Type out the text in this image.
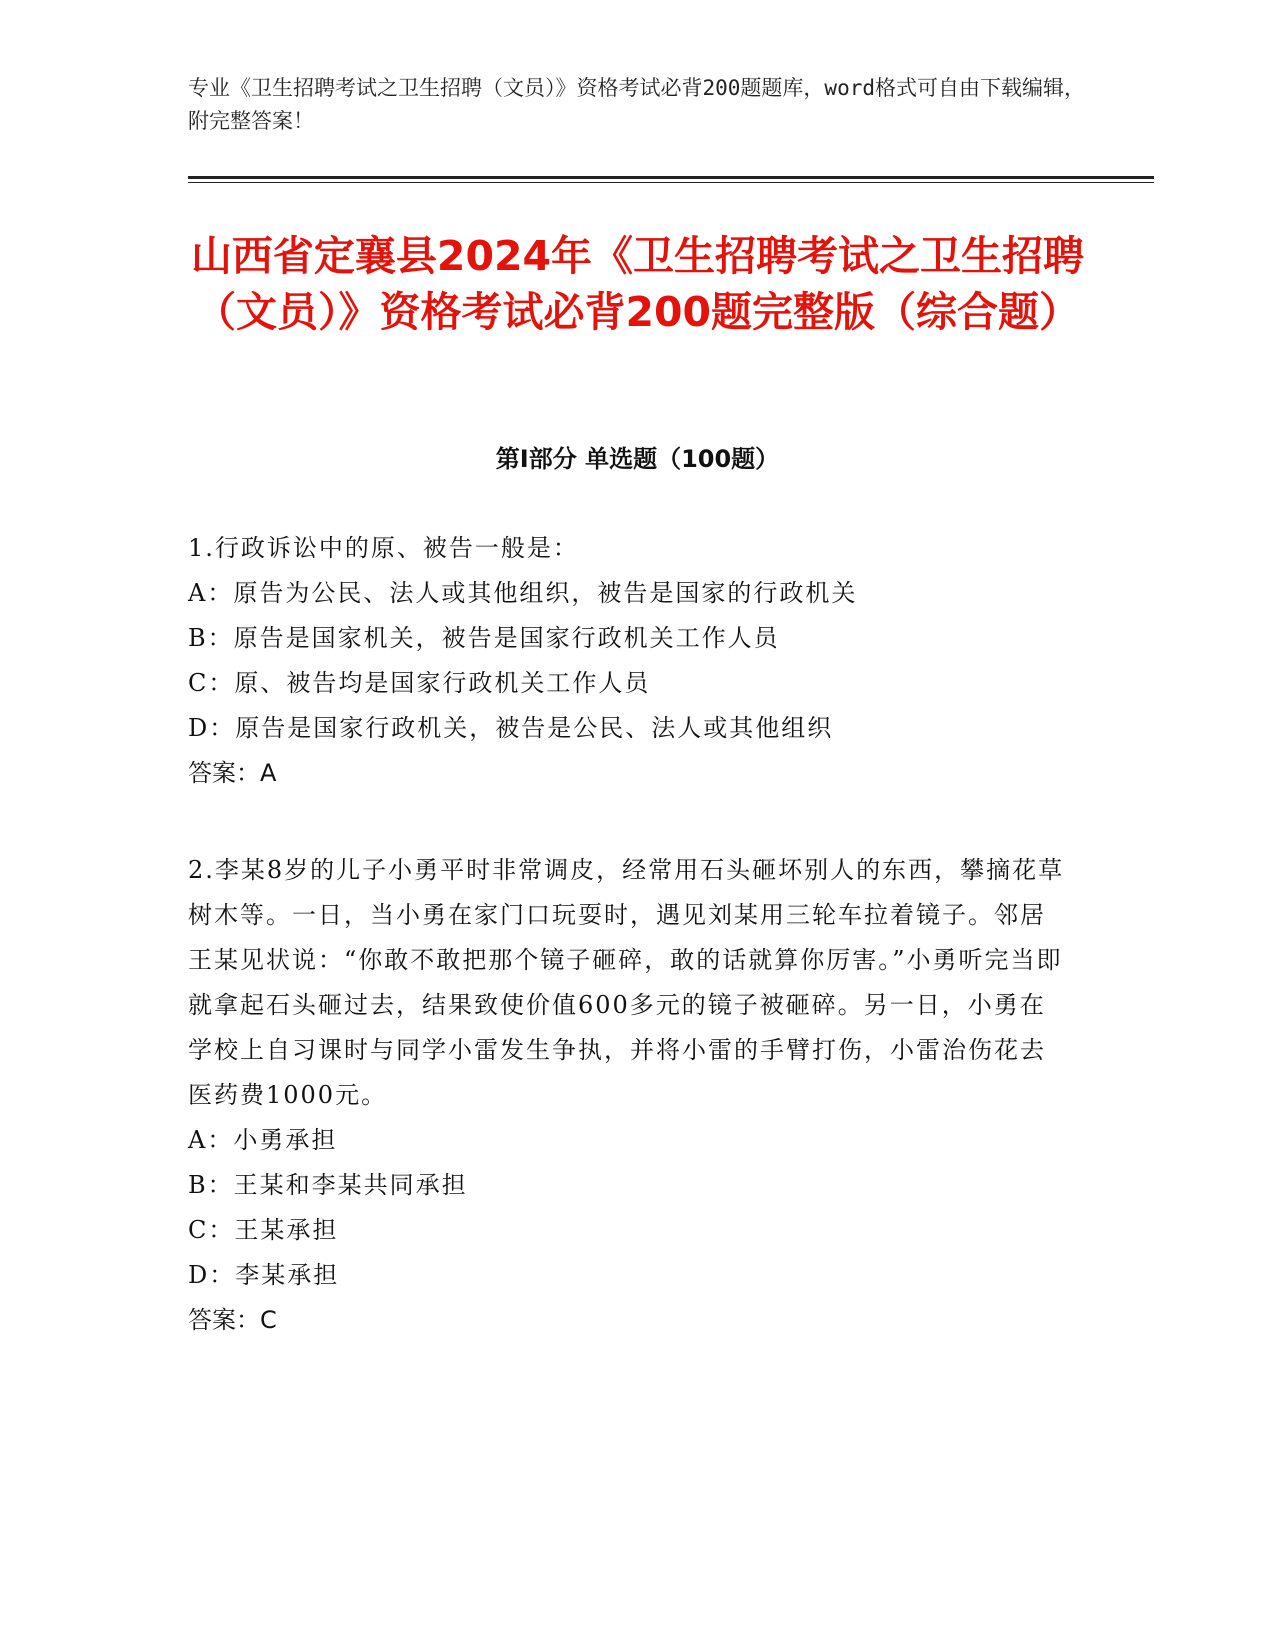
专业《卫生招聘考试之卫生招聘（文员）》资格考试必背200题题库，word格式可自由下载编辑，附完整答案！
山西省定襄县2024年《卫生招聘考试之卫生招聘（文员）》资格考试必背200题完整版（综合题）
第Ⅰ部分 单选题（100题）
1.行政诉讼中的原、被告一般是：
A：原告为公民、法人或其他组织，被告是国家的行政机关
B：原告是国家机关，被告是国家行政机关工作人员
C：原、被告均是国家行政机关工作人员
D：原告是国家行政机关，被告是公民、法人或其他组织
答案：A
2.李某8岁的儿子小勇平时非常调皮，经常用石头砸坏别人的东西，攀摘花草树木等。一日，当小勇在家门口玩耍时，遇见刘某用三轮车拉着镜子。邻居王某见状说：“你敢不敢把那个镜子砸碎，敢的话就算你厉害。”小勇听完当即就拿起石头砸过去，结果致使价值600多元的镜子被砸碎。另一日，小勇在学校上自习课时与同学小雷发生争执，并将小雷的手臂打伤，小雷治伤花去医药费1000元。
A：小勇承担
B：王某和李某共同承担
C：王某承担
D：李某承担
答案：C
